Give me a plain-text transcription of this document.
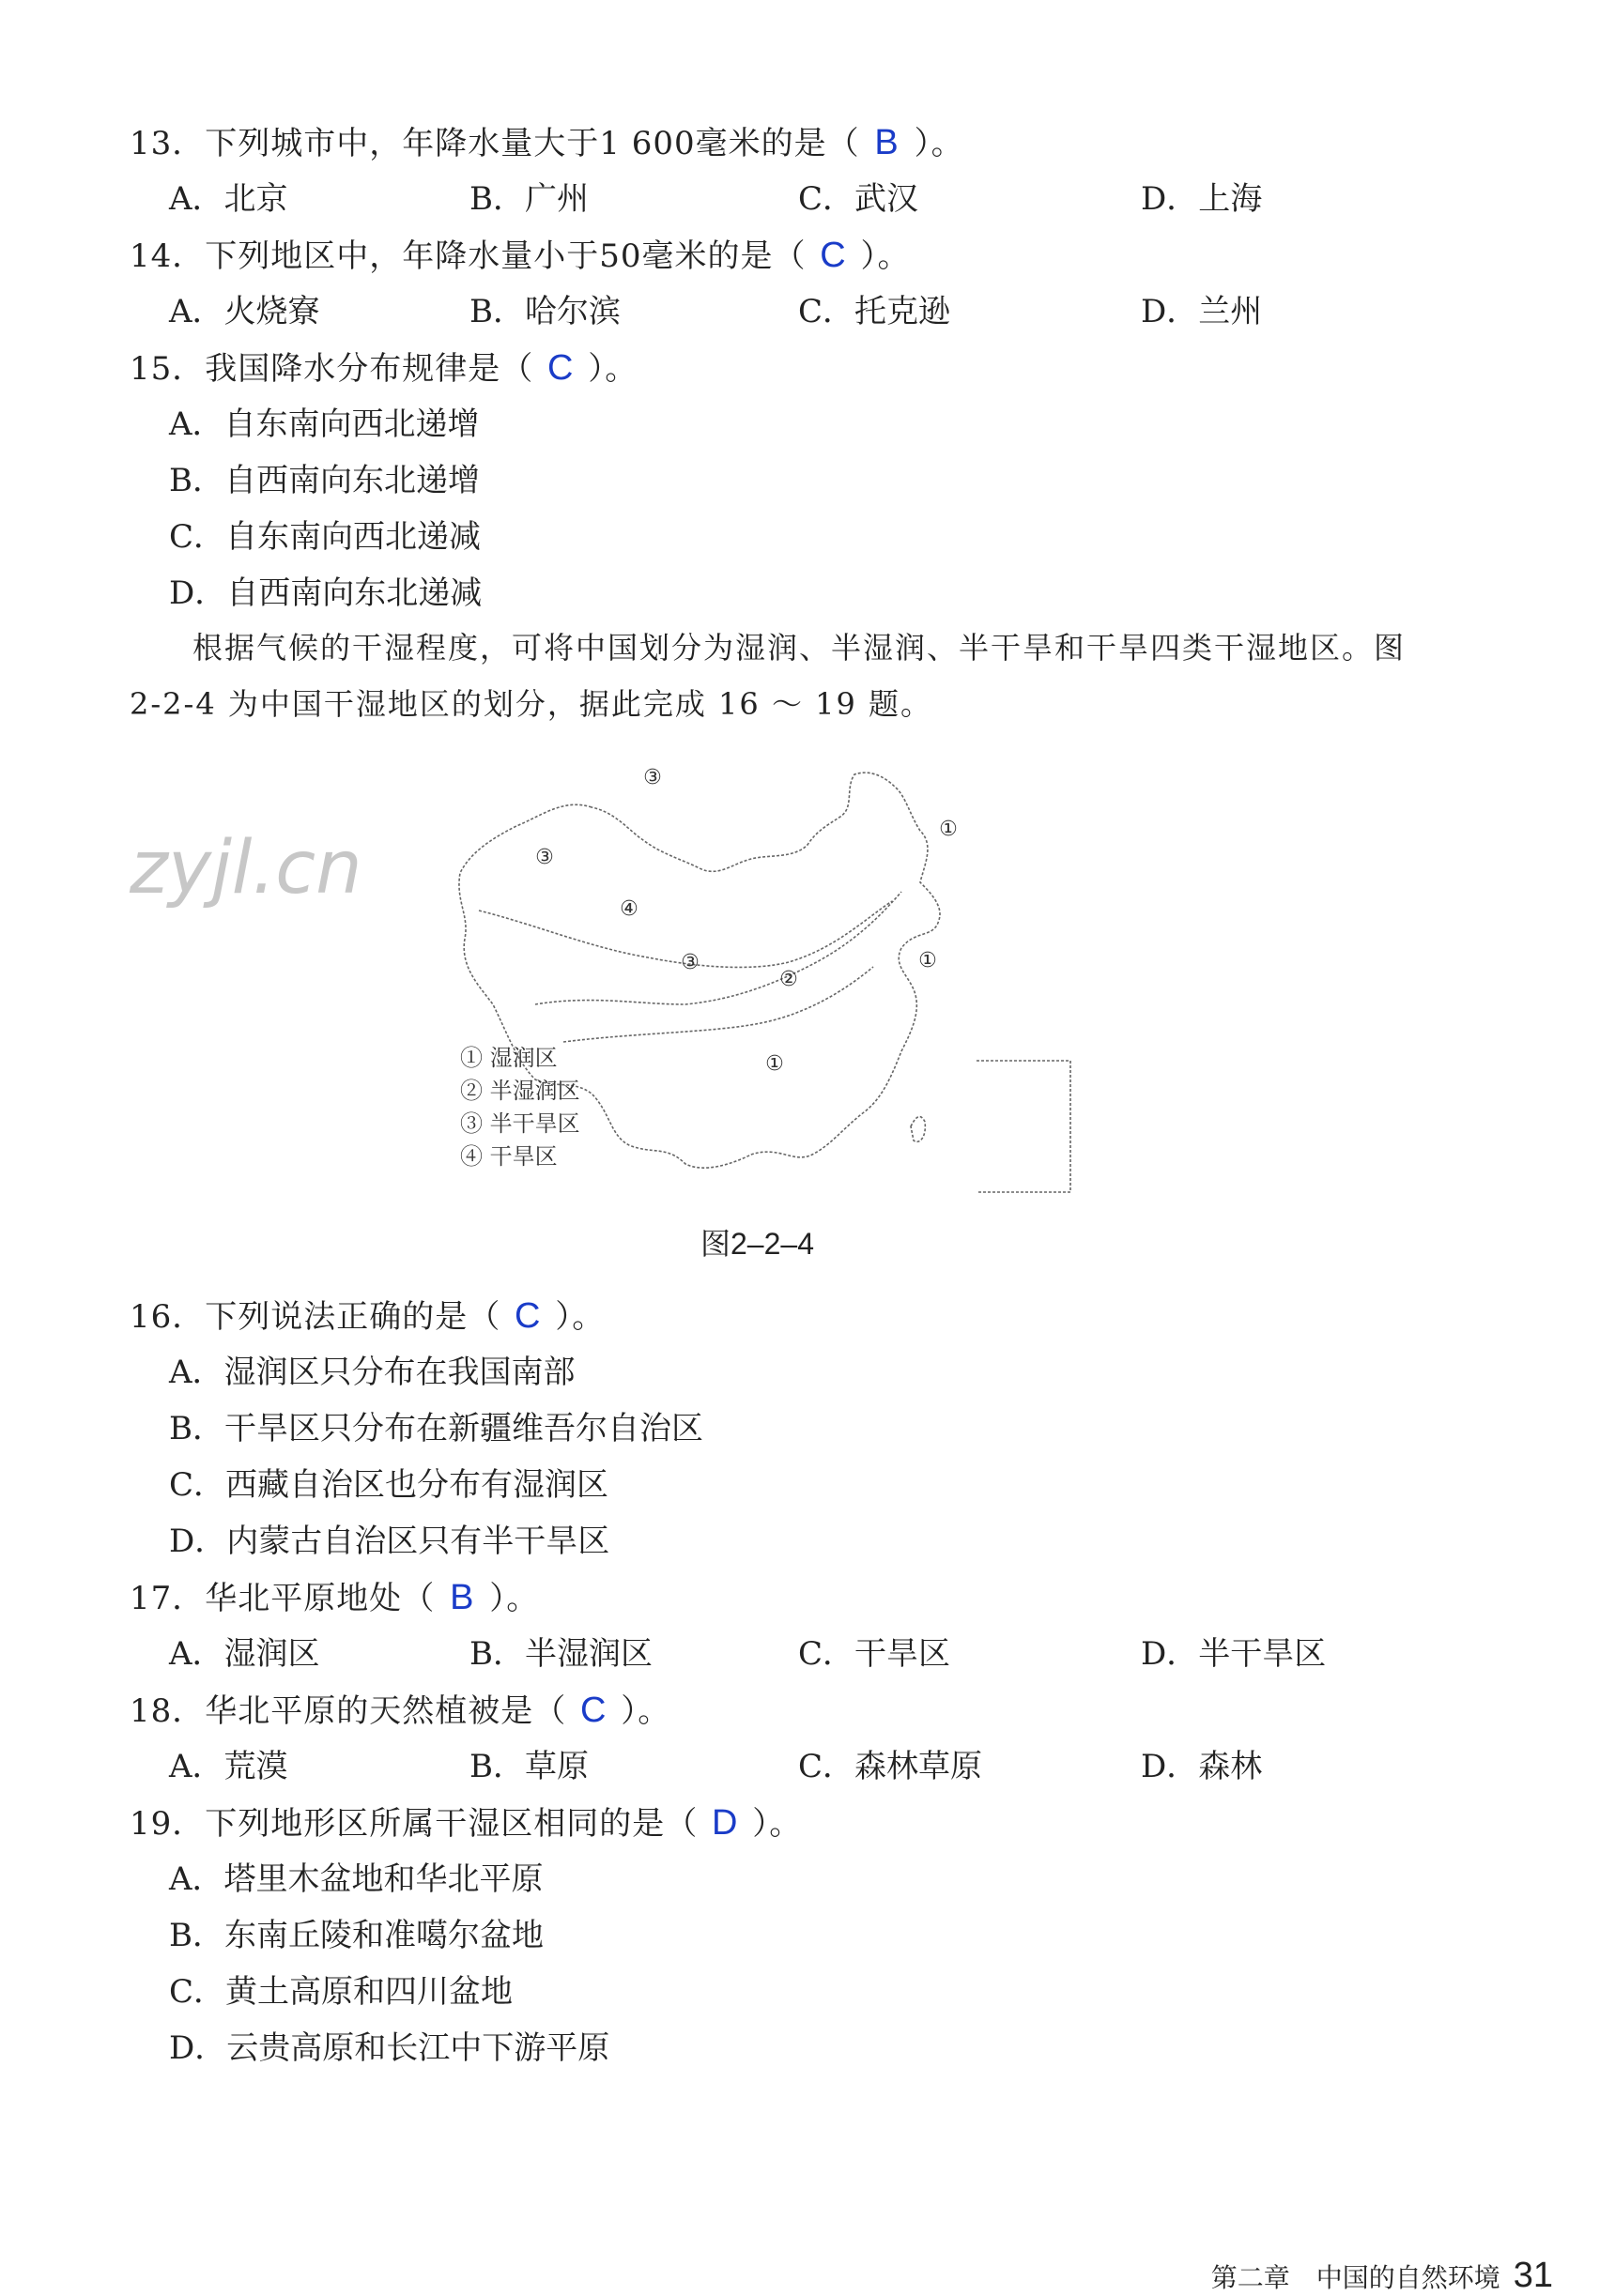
13．下列城市中，年降水量大于1 600毫米的是（ B ）。
A．北京	B．广州	C．武汉	D．上海
14．下列地区中，年降水量小于50毫米的是（ C ）。
A．火烧寮	B．哈尔滨	C．托克逊	D．兰州
15．我国降水分布规律是（ C ）。
A．自东南向西北递增
B．自西南向东北递增
C．自东南向西北递减
D．自西南向东北递减
根据气候的干湿程度，可将中国划分为湿润、半湿润、半干旱和干旱四类干湿地区。图
2-2-4 为中国干湿地区的划分，据此完成 16 ～ 19 题。
zyjl.cn
③
③
④
③
②
①
①
①
① 湿润区
② 半湿润区
③ 半干旱区
④ 干旱区
图2–2–4
16．下列说法正确的是（ C ）。
A．湿润区只分布在我国南部
B．干旱区只分布在新疆维吾尔自治区
C．西藏自治区也分布有湿润区
D．内蒙古自治区只有半干旱区
17．华北平原地处（ B ）。
A．湿润区	B．半湿润区	C．干旱区	D．半干旱区
18．华北平原的天然植被是（ C ）。
A．荒漠	B．草原	C．森林草原	D．森林
19．下列地形区所属干湿区相同的是（ D ）。
A．塔里木盆地和华北平原
B．东南丘陵和准噶尔盆地
C．黄土高原和四川盆地
D．云贵高原和长江中下游平原
第二章　中国的自然环境 31
